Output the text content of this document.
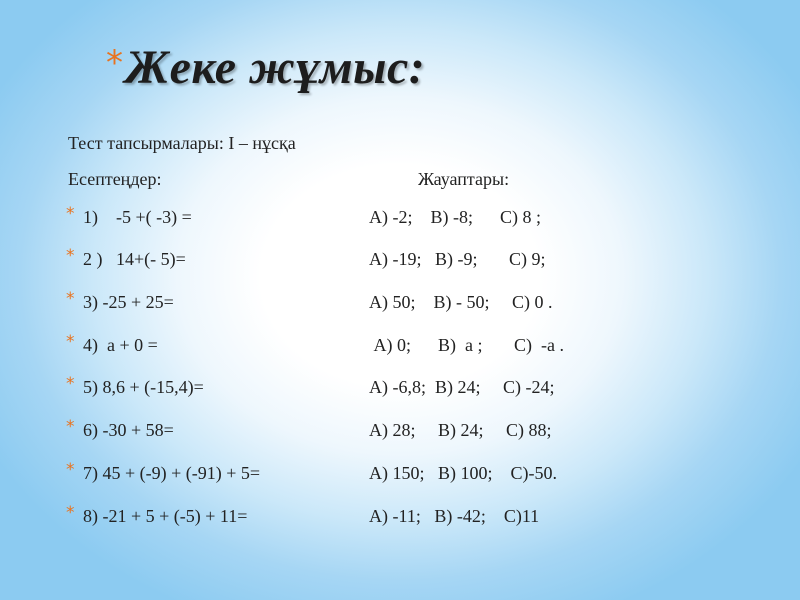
* Жеке жұмыс:
Тест тапсырмалары: I – нұсқа
Есептеңдер:	Жауаптары:
* 1)    -5 +( -3) =	А) -2;    В) -8;      С) 8 ;
* 2 )   14+(- 5)=	А) -19;   В) -9;       С) 9;
* 3) -25 + 25=	А) 50;    В) - 50;     С) 0 .
* 4)  а + 0 =	А) 0;      В)  а ;       С)  -а .
* 5) 8,6 + (-15,4)=	А) -6,8;  В) 24;     С) -24;
* 6) -30 + 58=	А) 28;     В) 24;     С) 88;
* 7) 45 + (-9) + (-91) + 5=	А) 150;   В) 100;    С)-50.
* 8) -21 + 5 + (-5) + 11=	А) -11;   В) -42;    С)11
